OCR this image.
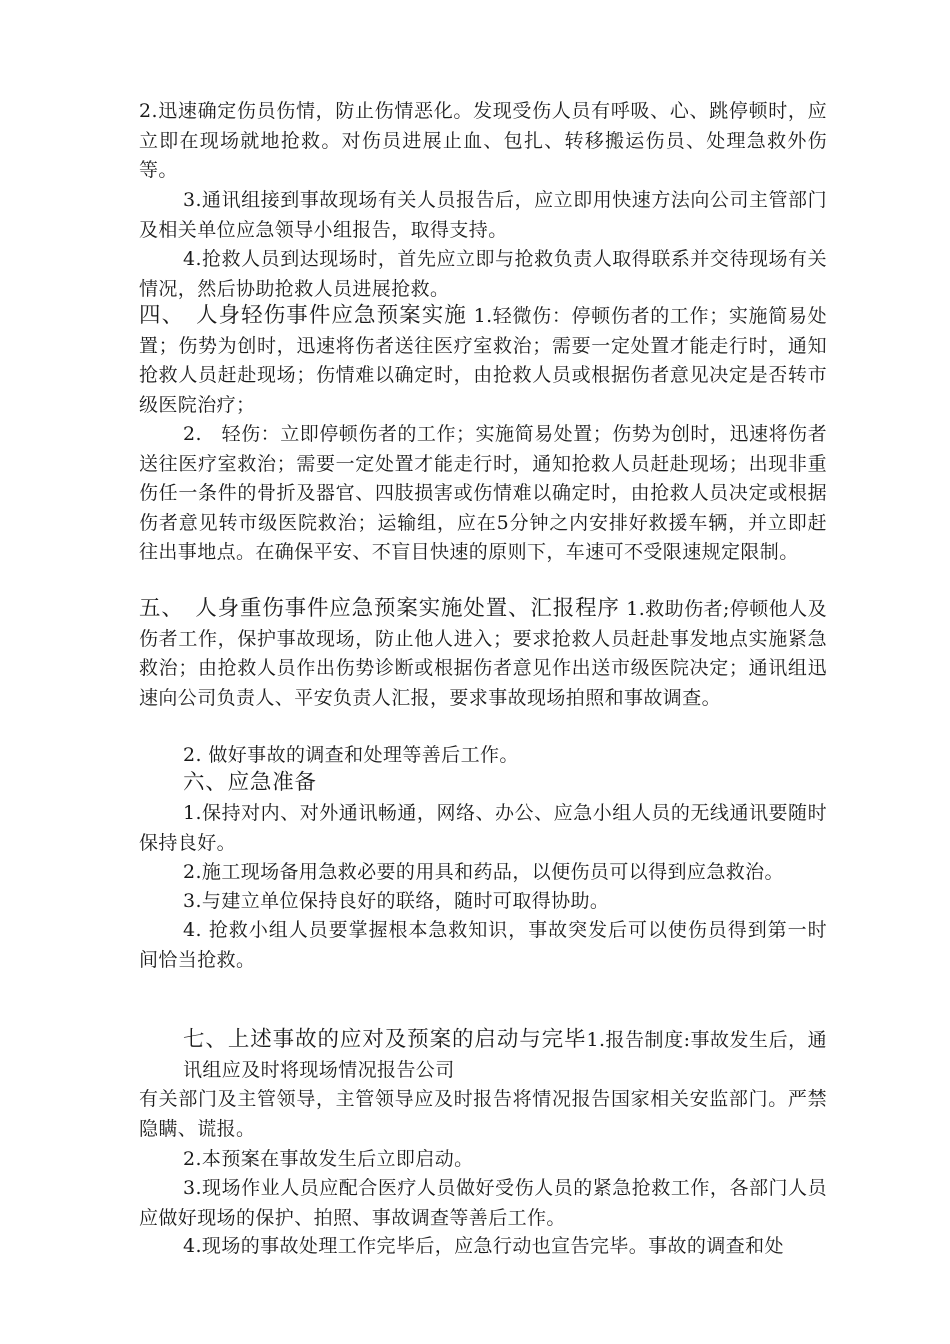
2.迅速确定伤员伤情，防止伤情恶化。发现受伤人员有呼吸、心、跳停顿时，应立即在现场就地抢救。对伤员进展止血、包扎、转移搬运伤员、处理急救外伤等。

3.通讯组接到事故现场有关人员报告后，应立即用快速方法向公司主管部门及相关单位应急领导小组报告，取得支持。

4.抢救人员到达现场时，首先应立即与抢救负责人取得联系并交待现场有关情况，然后协助抢救人员进展抢救。

四、　人身轻伤事件应急预案实施 1.轻微伤：停顿伤者的工作；实施简易处置；伤势为创时，迅速将伤者送往医疗室救治；需要一定处置才能走行时，通知抢救人员赶赴现场；伤情难以确定时，由抢救人员或根据伤者意见决定是否转市级医院治疗；

2.　轻伤：立即停顿伤者的工作；实施简易处置；伤势为创时，迅速将伤者送往医疗室救治；需要一定处置才能走行时，通知抢救人员赶赴现场；出现非重伤任一条件的骨折及器官、四肢损害或伤情难以确定时，由抢救人员决定或根据伤者意见转市级医院救治；运输组，应在5分钟之内安排好救援车辆，并立即赶往出事地点。在确保平安、不盲目快速的原则下，车速可不受限速规定限制。

五、　人身重伤事件应急预案实施处置、汇报程序 1.救助伤者;停顿他人及伤者工作，保护事故现场，防止他人进入；要求抢救人员赶赴事发地点实施紧急救治；由抢救人员作出伤势诊断或根据伤者意见作出送市级医院决定；通讯组迅速向公司负责人、平安负责人汇报，要求事故现场拍照和事故调查。

2. 做好事故的调查和处理等善后工作。

六、应急准备

1.保持对内、对外通讯畅通，网络、办公、应急小组人员的无线通讯要随时保持良好。

2.施工现场备用急救必要的用具和药品，以便伤员可以得到应急救治。

3.与建立单位保持良好的联络，随时可取得协助。

4. 抢救小组人员要掌握根本急救知识，事故突发后可以使伤员得到第一时间恰当抢救。

七、上述事故的应对及预案的启动与完毕1.报告制度:事故发生后，通讯组应及时将现场情况报告公司

有关部门及主管领导，主管领导应及时报告将情况报告国家相关安监部门。严禁隐瞒、谎报。

2.本预案在事故发生后立即启动。

3.现场作业人员应配合医疗人员做好受伤人员的紧急抢救工作，各部门人员应做好现场的保护、拍照、事故调查等善后工作。

4.现场的事故处理工作完毕后，应急行动也宣告完毕。事故的调查和处
